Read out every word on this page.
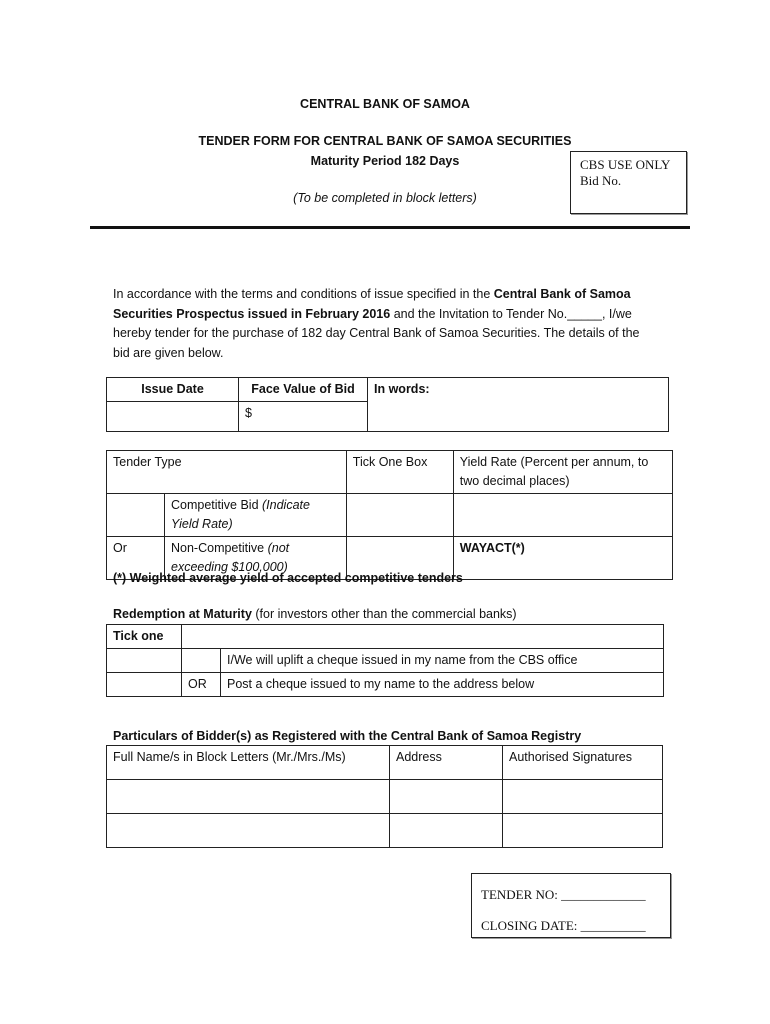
CENTRAL BANK OF SAMOA
TENDER FORM FOR CENTRAL BANK OF SAMOA SECURITIES
Maturity Period 182 Days
(To be completed in block letters)
CBS USE ONLY
Bid No.
In accordance with the terms and conditions of issue specified in the Central Bank of Samoa Securities Prospectus issued in February 2016 and the Invitation to Tender No._____, I/we hereby tender for the purchase of 182 day Central Bank of Samoa Securities. The details of the bid are given below.
Issue Date	Face Value of Bid	In words:
	$	
Tender Type		Tick One Box	Yield Rate (Percent per annum, to two decimal places)
	Competitive Bid (Indicate Yield Rate)		
Or	Non-Competitive (not exceeding $100,000)		WAYACT(*)
(*) Weighted average yield of accepted competitive tenders
Redemption at Maturity (for investors other than the commercial banks)
Tick one		
		I/We will uplift a cheque issued in my name from the CBS office
	OR	Post a cheque issued to my name to the address below
Particulars of Bidder(s) as Registered with the Central Bank of Samoa Registry
Full Name/s in Block Letters (Mr./Mrs./Ms)	Address	Authorised Signatures

TENDER NO: _____________
CLOSING DATE: __________
